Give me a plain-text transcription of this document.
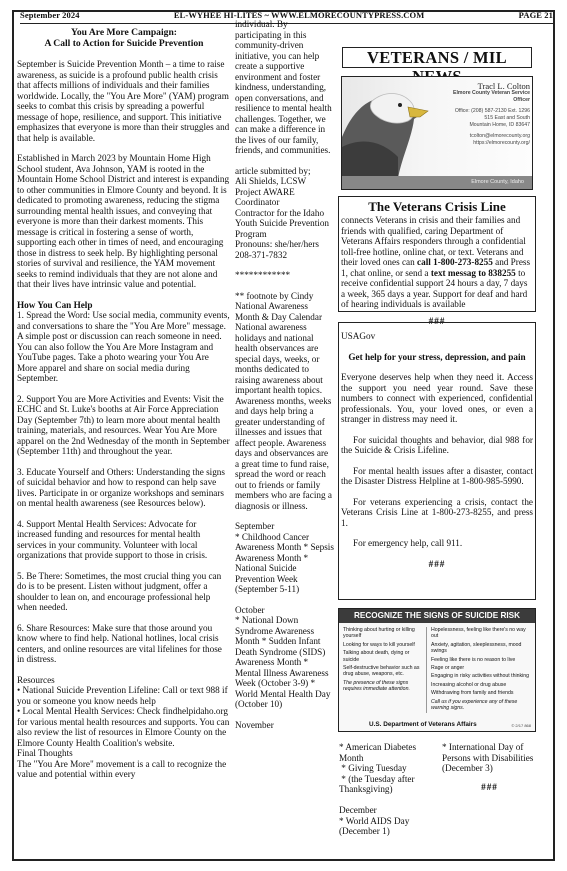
September 2024	EL-WYHEE HI-LITES ~ WWW.ELMORECOUNTYPRESS.COM	PAGE 21
You Are More Campaign:
A Call to Action for Suicide Prevention

September is Suicide Prevention Month – a time to raise awareness, as suicide is a profound public health crisis that affects millions of individuals and their families worldwide. Locally, the "You Are More" (YAM) program seeks to combat this crisis by spreading a powerful message of hope, resilience, and support. This initiative emphasizes that everyone is more than their struggles and that help is available.

Established in March 2023 by Mountain Home High School student, Ava Johnson, YAM is rooted in the Mountain Home School District and interest is expanding to other communities in Elmore County and beyond. It is dedicated to promoting awareness, reducing the stigma surrounding mental health issues, and conveying that everyone is more than their darkest moments. This message is critical in fostering a sense of worth, supporting each other in times of need, and encouraging those in distress to seek help. By highlighting personal stories of survival and resilience, the YAM movement seeks to remind individuals that they are not alone and that their lives have intrinsic value and potential.

How You Can Help

1. Spread the Word: Use social media, community events, and conversations to share the "You Are More" message. A simple post or discussion can reach someone in need. You can also follow the You Are More Instagram and YouTube pages. Take a photo wearing your You Are More apparel and share on social media during September.

2. Support You are More Activities and Events: Visit the ECHC and St. Luke's booths at Air Force Appreciation Day (September 7th) to learn more about mental health training, materials, and resources. Wear You Are More apparel on the 2nd Wednesday of the month in September (September 11th) and throughout the year.

3. Educate Yourself and Others: Understanding the signs of suicidal behavior and how to respond can help save lives. Participate in or organize workshops and seminars on mental health awareness (see Resources below).

4. Support Mental Health Services: Advocate for increased funding and resources for mental health services in your community. Volunteer with local organizations that provide support to those in crisis.

5. Be There: Sometimes, the most crucial thing you can do is to be present. Listen without judgment, offer a shoulder to lean on, and encourage professional help when needed.

6. Share Resources: Make sure that those around you know where to find help. National hotlines, local crisis centers, and online resources are vital lifelines for those in distress.

Resources

• National Suicide Prevention Lifeline: Call or text 988 if you or someone you know needs help

• Local Mental Health Services: Check findhelpidaho.org for various mental health resources and supports. You can also review the list of resources in Elmore County on the Elmore County Health Coalition's website.

Final Thoughts

The "You Are More" movement is a call to recognize the value and potential within every

individual. By participating in this community-driven initiative, you can help create a supportive environment and foster kindness, understanding, open conversations, and resilience to mental health challenges. Together, we can make a difference in the lives of our family, friends, and communities.

article submitted by;
Ali Shields, LCSW
Project AWARE Coordinator
Contractor for the Idaho Youth Suicide Prevention Program
Pronouns: she/her/hers
208-371-7832

************

** footnote by Cindy National Awareness Month & Day Calendar National awareness holidays and national health observances are special days, weeks, or months dedicated to raising awareness about important health topics. Awareness months, weeks and days help bring a greater understanding of illnesses and issues that affect people. Awareness days and observances are a great time to fund raise, spread the word or reach out to friends or family members who are facing a diagnosis or illness.

September

* Childhood Cancer Awareness Month * Sepsis Awareness Month * National Suicide Prevention Week (September 5-11)

October

* National Down Syndrome Awareness Month * Sudden Infant Death Syndrome (SIDS) Awareness Month * Mental Illness Awareness Week (October 3-9) * World Mental Health Day (October 10)

November

VETERANS / MIL
Tracl L. Colton
Elmore County Veteran Service Officer
Office: (208) 587-2130 Ext. 1296
515 East and South
Mountain Home, ID 83647
tcolton@elmorecounty.org
https://elmorecounty.org/
Elmore County, Idaho
The Veterans Crisis Line
connects Veterans in crisis and their families and friends with qualified, caring Department of Veterans Affairs responders through a confidential toll-free hotline, online chat, or text. Veterans and their loved ones can call 1-800-273-8255 and Press 1, chat online, or send a text messag to 838255 to receive confidential support 24 hours a day, 7 days a week, 365 days a year. Support for deaf and hard of hearing individuals is available
###

USAGov

Get help for your stress, depression, and pain

Everyone deserves help when they need it. Access the support you need year round. Save these numbers to connect with experienced, confidential professionals. You, your loved ones, or even a stranger in distress may need it.

For suicidal thoughts and behavior, dial 988 for the Suicide & Crisis Lifeline.

For mental health issues after a disaster, contact the Disaster Distress Helpline at 1-800-985-5990.

For veterans experiencing a crisis, contact the Veterans Crisis Line at 1-800-273-8255, and press 1.

For emergency help, call 911.

###
RECOGNIZE THE SIGNS OF SUICIDE RISK
Thinking about hurting or killing yourself
Looking for ways to kill yourself
Talking about death, dying or suicide
Self-destructive behavior such as drug abuse, weapons, etc.
The presence of these signs requires immediate attention.
Hopelessness, feeling like there's no way out
Anxiety, agitation, sleeplessness, mood swings
Feeling like there is no reason to live
Rage or anger
Engaging in risky activities without thinking
Increasing alcohol or drug abuse
Withdrawing from family and friends
Call us if you experience any of these warning signs.
U.S. Department of Veterans Affairs	© 2/17 868
* American Diabetes Month
* Giving Tuesday
* (the Tuesday after Thanksgiving)

December
* World AIDS Day (December 1)
* International Day of Persons with Disabilities (December 3)
###
